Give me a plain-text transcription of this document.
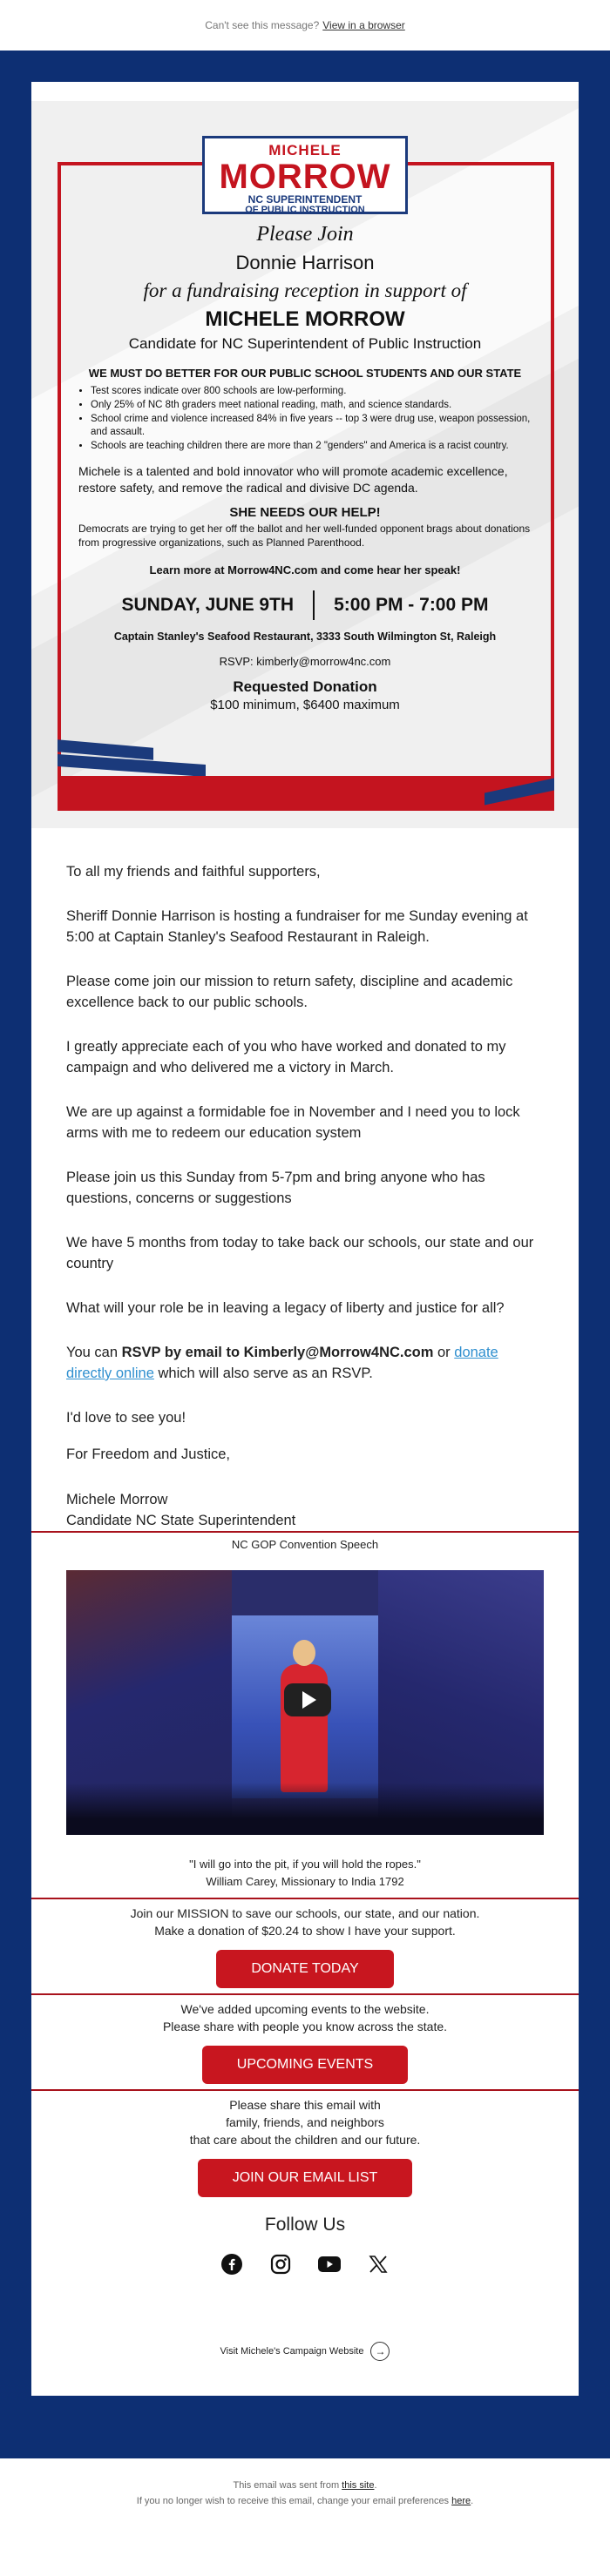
Can't see this message? View in a browser
MICHELE
MORROW
NC SUPERINTENDENT
OF PUBLIC INSTRUCTION
Please Join
Donnie Harrison
for a fundraising reception in support of
MICHELE MORROW
Candidate for NC Superintendent of Public Instruction
WE MUST DO BETTER FOR OUR PUBLIC SCHOOL STUDENTS AND OUR STATE
• Test scores indicate over 800 schools are low-performing.
• Only 25% of NC 8th graders meet national reading, math, and science standards.
• School crime and violence increased 84% in five years -- top 3 were drug use, weapon possession, and assault.
• Schools are teaching children there are more than 2 "genders" and America is a racist country.
Michele is a talented and bold innovator who will promote academic excellence, restore safety, and remove the radical and divisive DC agenda.
SHE NEEDS OUR HELP!
Democrats are trying to get her off the ballot and her well-funded opponent brags about donations from progressive organizations, such as Planned Parenthood.
Learn more at Morrow4NC.com and come hear her speak!
SUNDAY, JUNE 9TH 5:00 PM - 7:00 PM
Captain Stanley's Seafood Restaurant, 3333 South Wilmington St, Raleigh
RSVP: kimberly@morrow4nc.com
Requested Donation
$100 minimum, $6400 maximum

To all my friends and faithful supporters,

Sheriff Donnie Harrison is hosting a fundraiser for me Sunday evening at 5:00 at Captain Stanley's Seafood Restaurant in Raleigh.

Please come join our mission to return safety, discipline and academic excellence back to our public schools.

I greatly appreciate each of you who have worked and donated to my campaign and who delivered me a victory in March.

We are up against a formidable foe in November and I need you to lock arms with me to redeem our education system

Please join us this Sunday from 5-7pm and bring anyone who has questions, concerns or suggestions

We have 5 months from today to take back our schools, our state and our country

What will your role be in leaving a legacy of liberty and justice for all?

You can RSVP by email to Kimberly@Morrow4NC.com or donate directly online which will also serve as an RSVP.

I'd love to see you!

For Freedom and Justice,

Michele Morrow
Candidate NC State Superintendent
NC GOP Convention Speech
"I will go into the pit, if you will hold the ropes."
William Carey, Missionary to India 1792
Join our MISSION to save our schools, our state, and our nation.
Make a donation of $20.24 to show I have your support.
DONATE TODAY
We've added upcoming events to the website.
Please share with people you know across the state.
UPCOMING EVENTS
Please share this email with
family, friends, and neighbors
that care about the children and our future.
JOIN OUR EMAIL LIST
Follow Us
Visit Michele's Campaign Website	→
This email was sent from this site.
If you no longer wish to receive this email, change your email preferences here.
